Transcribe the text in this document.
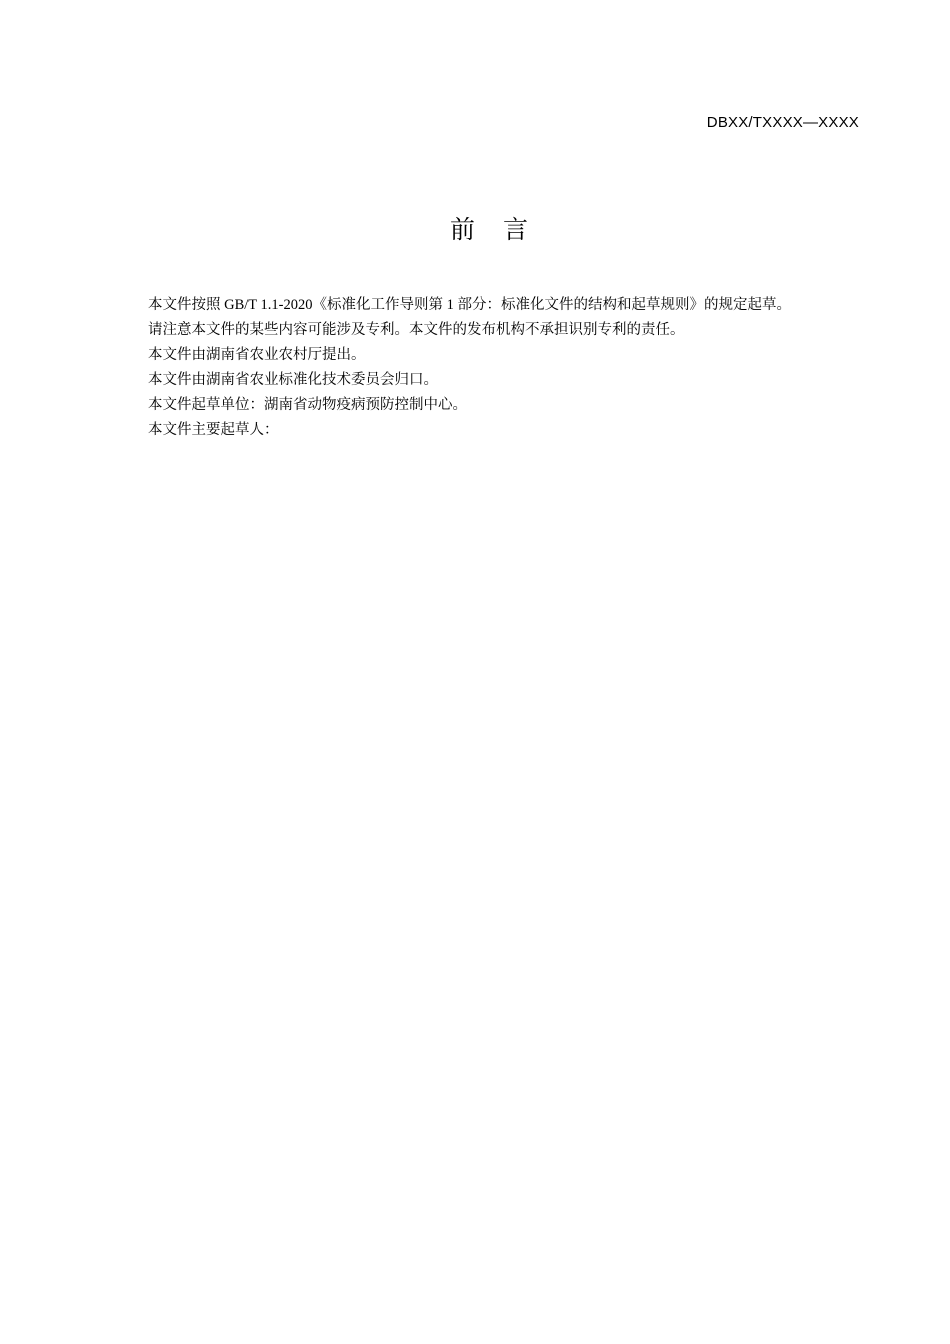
DBXX/TXXXX—XXXX
前言

本文件按照 GB/T 1.1-2020《标准化工作导则第 1 部分：标准化文件的结构和起草规则》的规定起草。

请注意本文件的某些内容可能涉及专利。本文件的发布机构不承担识别专利的责任。

本文件由湖南省农业农村厅提出。

本文件由湖南省农业标准化技术委员会归口。

本文件起草单位：湖南省动物疫病预防控制中心。

本文件主要起草人：
